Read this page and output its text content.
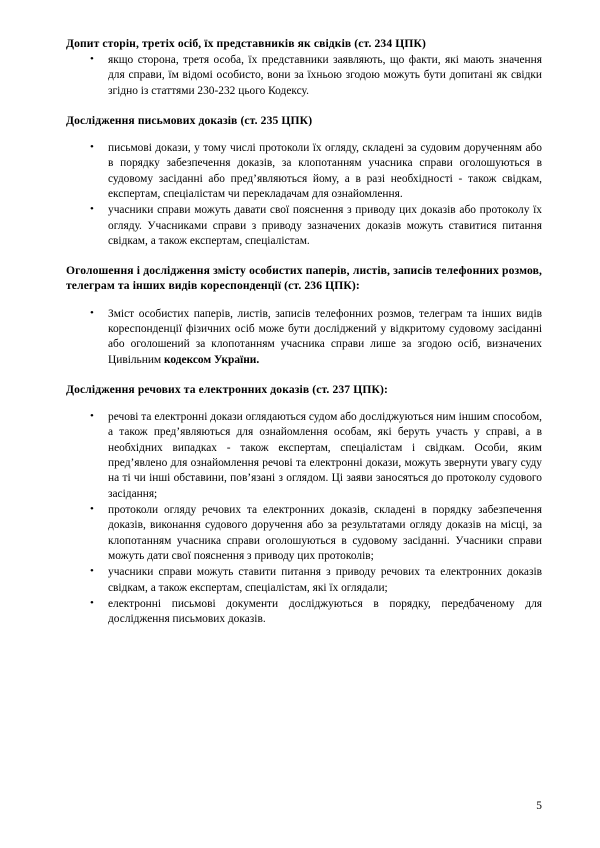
Допит сторін, третіх осіб, їх представників як свідків (ст. 234 ЦПК)

• якщо сторона, третя особа, їх представники заявляють, що факти, які мають значення для справи, їм відомі особисто, вони за їхньою згодою можуть бути допитані як свідки згідно із статтями 230-232 цього Кодексу.

Дослідження письмових доказів (ст. 235 ЦПК)

• письмові докази, у тому числі протоколи їх огляду, складені за судовим дорученням або в порядку забезпечення доказів, за клопотанням учасника справи оголошуються в судовому засіданні або пред’являються йому, а в разі необхідності - також свідкам, експертам, спеціалістам чи перекладачам для ознайомлення.
• учасники справи можуть давати свої пояснення з приводу цих доказів або протоколу їх огляду. Учасниками справи з приводу зазначених доказів можуть ставитися питання свідкам, а також експертам, спеціалістам.

Оголошення і дослідження змісту особистих паперів, листів, записів телефонних розмов, телеграм та інших видів кореспонденції (ст. 236 ЦПК):

• Зміст особистих паперів, листів, записів телефонних розмов, телеграм та інших видів кореспонденції фізичних осіб може бути досліджений у відкритому судовому засіданні або оголошений за клопотанням учасника справи лише за згодою осіб, визначених Цивільним кодексом України.

Дослідження речових та електронних доказів (ст. 237 ЦПК):

• речові та електронні докази оглядаються судом або досліджуються ним іншим способом, а також пред’являються для ознайомлення особам, які беруть участь у справі, а в необхідних випадках - також експертам, спеціалістам і свідкам. Особи, яким пред’явлено для ознайомлення речові та електронні докази, можуть звернути увагу суду на ті чи інші обставини, пов’язані з оглядом. Ці заяви заносяться до протоколу судового засідання;
• протоколи огляду речових та електронних доказів, складені в порядку забезпечення доказів, виконання судового доручення або за результатами огляду доказів на місці, за клопотанням учасника справи оголошуються в судовому засіданні. Учасники справи можуть дати свої пояснення з приводу цих протоколів;
• учасники справи можуть ставити питання з приводу речових та електронних доказів свідкам, а також експертам, спеціалістам, які їх оглядали;
• електронні письмові документи досліджуються в порядку, передбаченому для дослідження письмових доказів.
5
